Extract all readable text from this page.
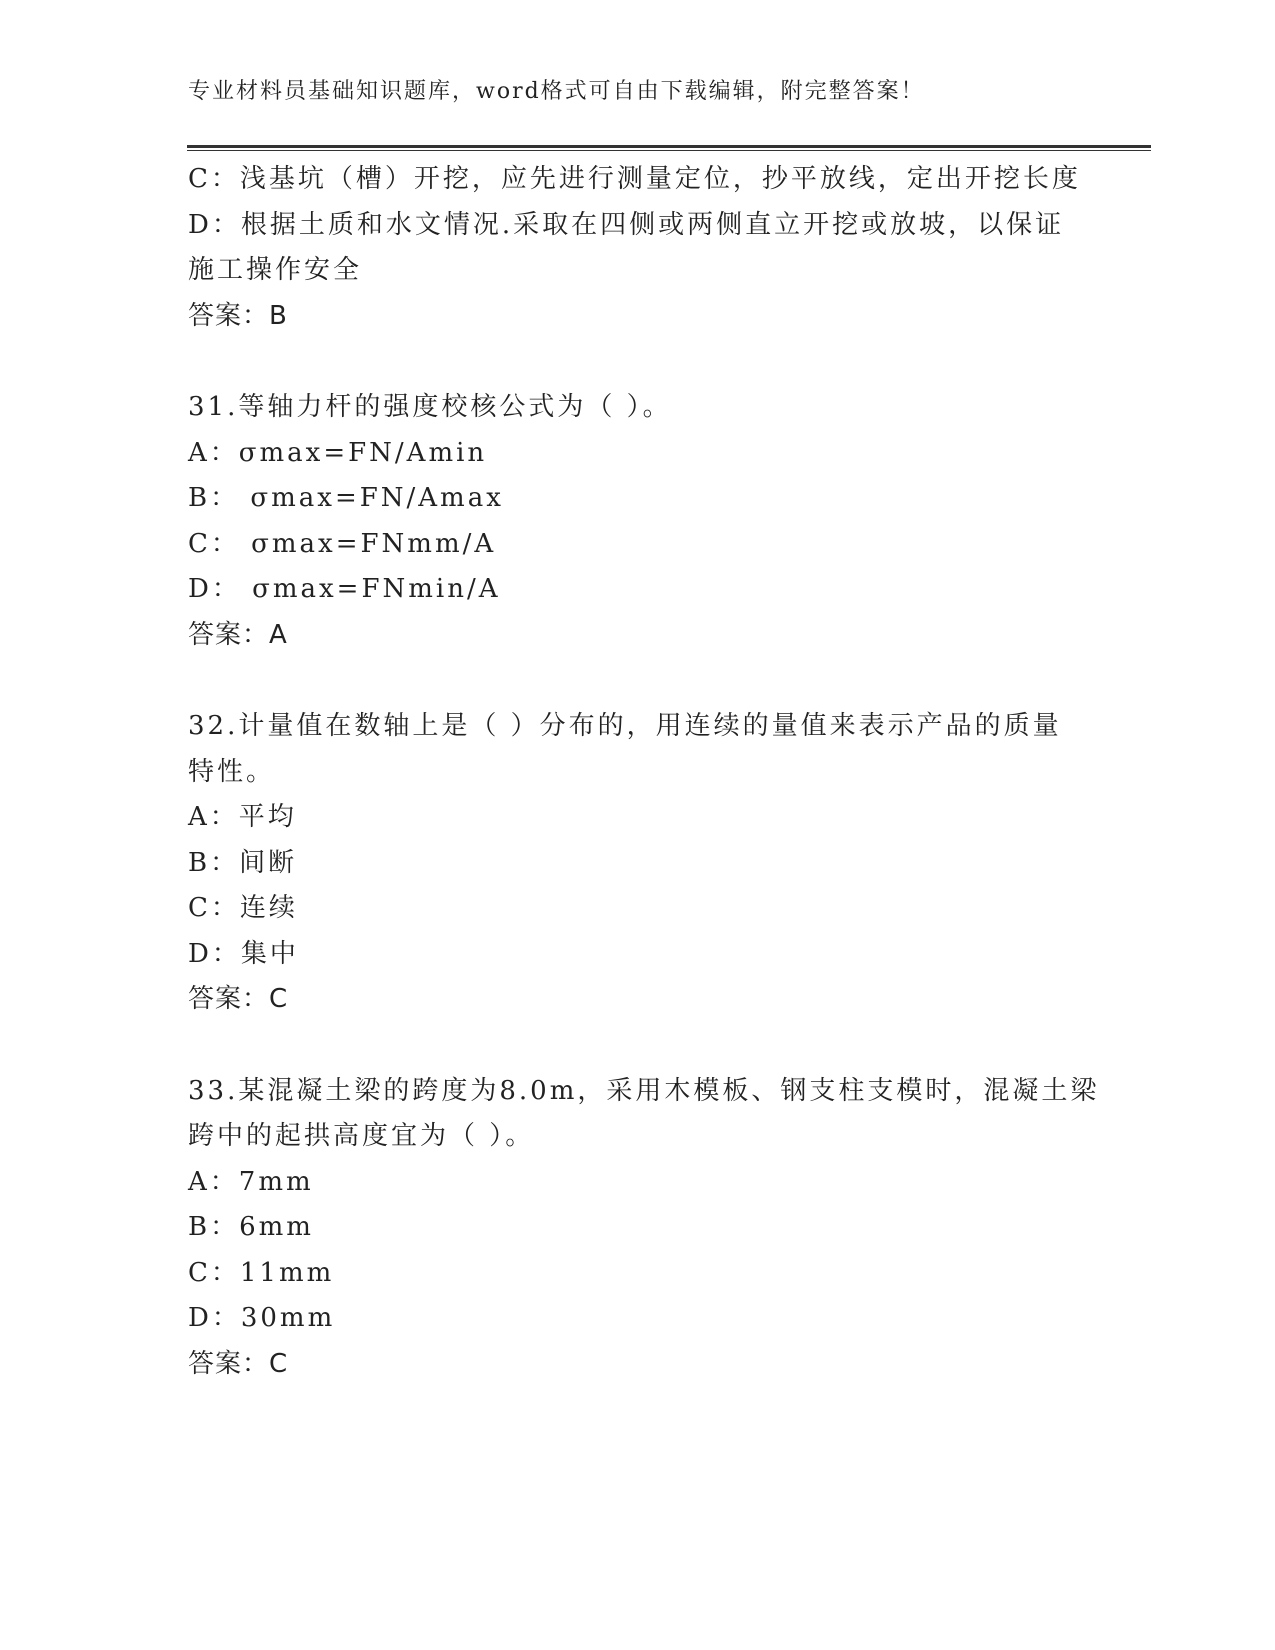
专业材料员基础知识题库，word格式可自由下载编辑，附完整答案！
C：浅基坑（槽）开挖，应先进行测量定位，抄平放线，定出开挖长度
D：根据土质和水文情况.采取在四侧或两侧直立开挖或放坡，以保证
施工操作安全
答案：B
31.等轴力杆的强度校核公式为（ ）。
A：σmax=FN/Amin
B： σmax=FN/Amax
C： σmax=FNmm/A
D： σmax=FNmin/A
答案：A
32.计量值在数轴上是（ ）分布的，用连续的量值来表示产品的质量
特性。
A：平均
B：间断
C：连续
D：集中
答案：C
33.某混凝土梁的跨度为8.0m，采用木模板、钢支柱支模时，混凝土梁
跨中的起拱高度宜为（ ）。
A：7mm
B：6mm
C：11mm
D：30mm
答案：C
